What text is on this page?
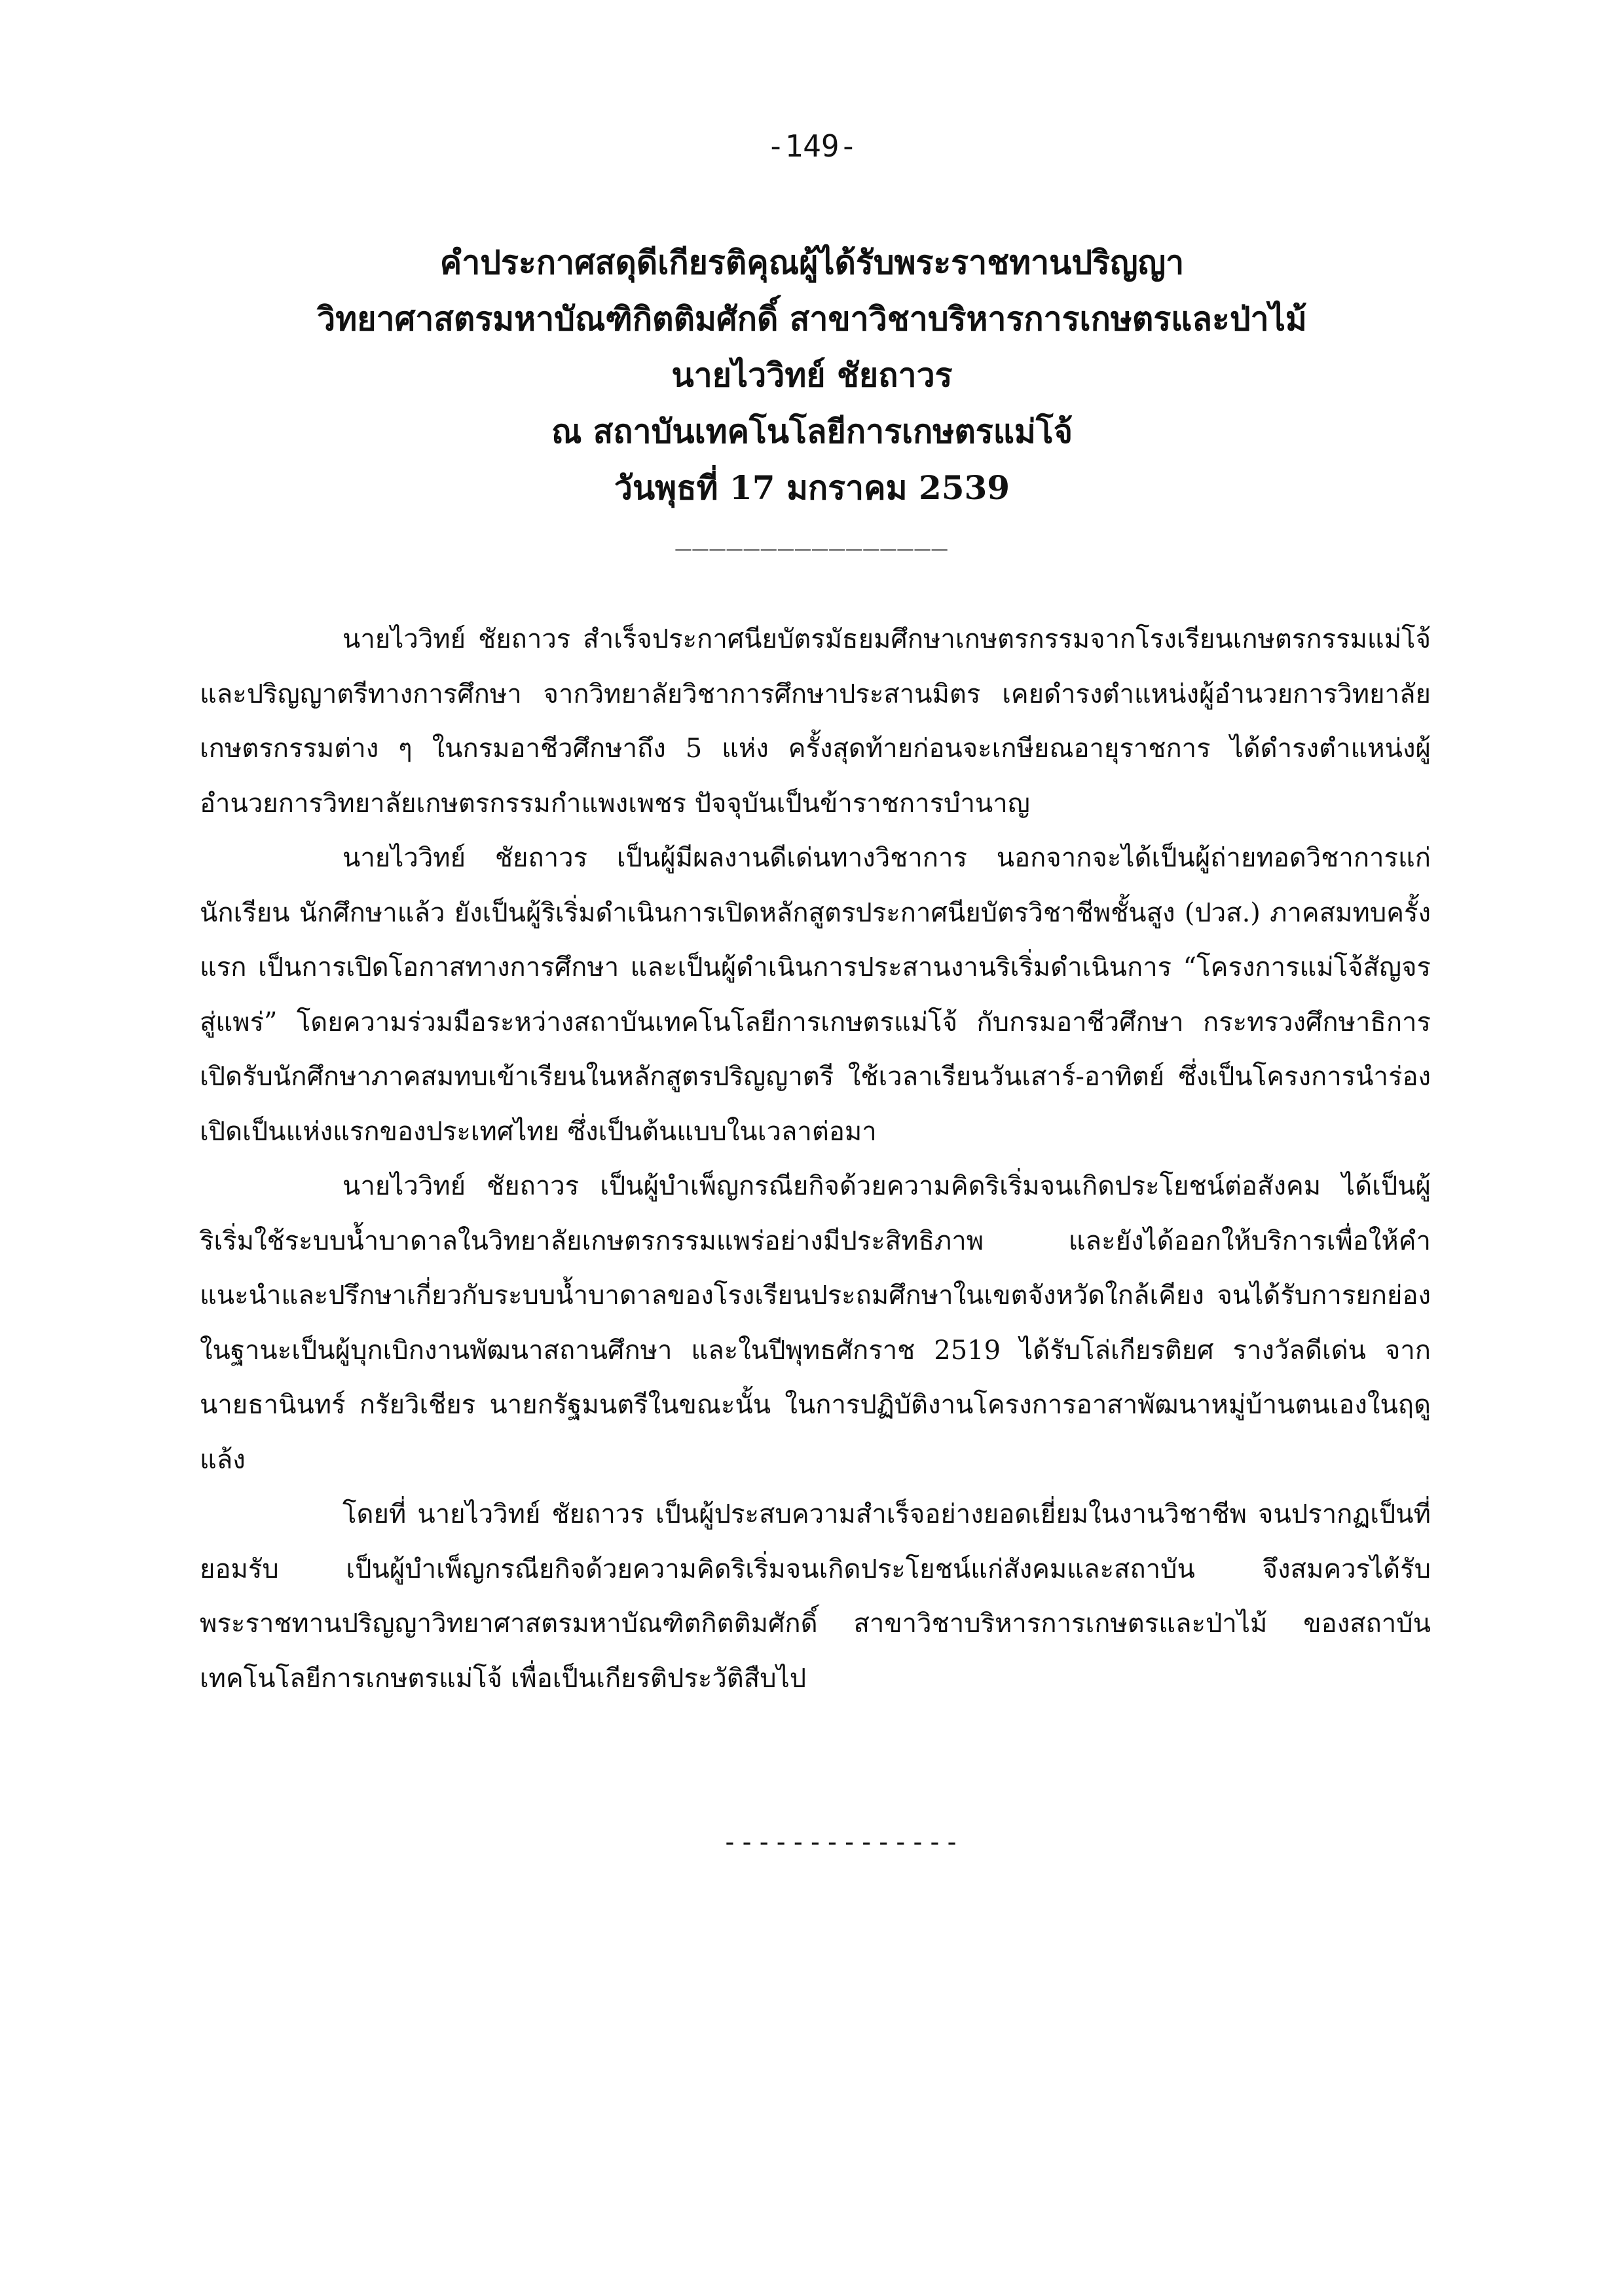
-149-
คำประกาศสดุดีเกียรติคุณผู้ได้รับพระราชทานปริญญา
วิทยาศาสตรมหาบัณฑิกิตติมศักดิ์ สาขาวิชาบริหารการเกษตรและป่าไม้
นายไววิทย์ ชัยถาวร
ณ สถาบันเทคโนโลยีการเกษตรแม่โจ้
วันพุธที่ 17 มกราคม 2539
________________

นายไววิทย์ ชัยถาวร สำเร็จประกาศนียบัตรมัธยมศึกษาเกษตรกรรมจากโรงเรียนเกษตรกรรมแม่โจ้ และปริญญาตรีทางการศึกษา จากวิทยาลัยวิชาการศึกษาประสานมิตร เคยดำรงตำแหน่งผู้อำนวยการวิทยาลัยเกษตรกรรมต่าง ๆ ในกรมอาชีวศึกษาถึง 5 แห่ง ครั้งสุดท้ายก่อนจะเกษียณอายุราชการ ได้ดำรงตำแหน่งผู้อำนวยการวิทยาลัยเกษตรกรรมกำแพงเพชร ปัจจุบันเป็นข้าราชการบำนาญ

นายไววิทย์ ชัยถาวร เป็นผู้มีผลงานดีเด่นทางวิชาการ นอกจากจะได้เป็นผู้ถ่ายทอดวิชาการแก่นักเรียน นักศึกษาแล้ว ยังเป็นผู้ริเริ่มดำเนินการเปิดหลักสูตรประกาศนียบัตรวิชาชีพชั้นสูง (ปวส.) ภาคสมทบครั้งแรก เป็นการเปิดโอกาสทางการศึกษา และเป็นผู้ดำเนินการประสานงานริเริ่มดำเนินการ “โครงการแม่โจ้สัญจรสู่แพร่” โดยความร่วมมือระหว่างสถาบันเทคโนโลยีการเกษตรแม่โจ้ กับกรมอาชีวศึกษา กระทรวงศึกษาธิการ เปิดรับนักศึกษาภาคสมทบเข้าเรียนในหลักสูตรปริญญาตรี ใช้เวลาเรียนวันเสาร์-อาทิตย์ ซึ่งเป็นโครงการนำร่อง เปิดเป็นแห่งแรกของประเทศไทย ซึ่งเป็นต้นแบบในเวลาต่อมา

นายไววิทย์ ชัยถาวร เป็นผู้บำเพ็ญกรณียกิจด้วยความคิดริเริ่มจนเกิดประโยชน์ต่อสังคม ได้เป็นผู้ริเริ่มใช้ระบบน้ำบาดาลในวิทยาลัยเกษตรกรรมแพร่อย่างมีประสิทธิภาพ และยังได้ออกให้บริการเพื่อให้คำแนะนำและปรึกษาเกี่ยวกับระบบน้ำบาดาลของโรงเรียนประถมศึกษาในเขตจังหวัดใกล้เคียง จนได้รับการยกย่องในฐานะเป็นผู้บุกเบิกงานพัฒนาสถานศึกษา และในปีพุทธศักราช 2519 ได้รับโล่เกียรติยศ รางวัลดีเด่น จาก นายธานินทร์ กรัยวิเชียร นายกรัฐมนตรีในขณะนั้น ในการปฏิบัติงานโครงการอาสาพัฒนาหมู่บ้านตนเองในฤดูแล้ง

โดยที่ นายไววิทย์ ชัยถาวร เป็นผู้ประสบความสำเร็จอย่างยอดเยี่ยมในงานวิชาชีพ จนปรากฏเป็นที่ยอมรับ เป็นผู้บำเพ็ญกรณียกิจด้วยความคิดริเริ่มจนเกิดประโยชน์แก่สังคมและสถาบัน จึงสมควรได้รับพระราชทานปริญญาวิทยาศาสตรมหาบัณฑิตกิตติมศักดิ์ สาขาวิชาบริหารการเกษตรและป่าไม้ ของสถาบันเทคโนโลยีการเกษตรแม่โจ้ เพื่อเป็นเกียรติประวัติสืบไป

--------------
